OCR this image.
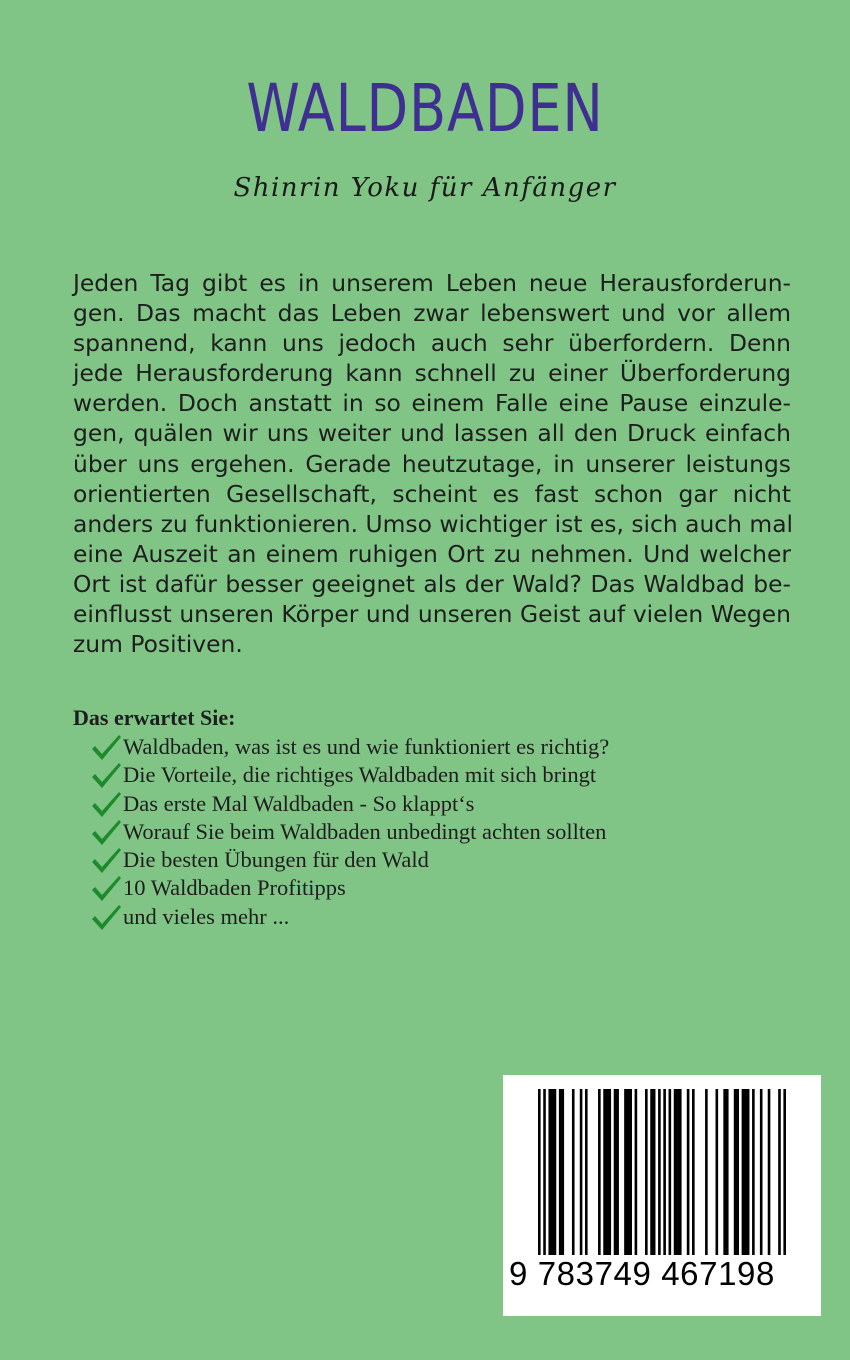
WALDBADEN
Shinrin Yoku für Anfänger
Jeden Tag gibt es in unserem Leben neue Herausforderun-
gen. Das macht das Leben zwar lebenswert und vor allem
spannend, kann uns jedoch auch sehr überfordern. Denn
jede Herausforderung kann schnell zu einer Überforderung
werden. Doch anstatt in so einem Falle eine Pause einzule-
gen, quälen wir uns weiter und lassen all den Druck einfach
über uns ergehen. Gerade heutzutage, in unserer leistungs
orientierten Gesellschaft, scheint es fast schon gar nicht
anders zu funktionieren. Umso wichtiger ist es, sich auch mal
eine Auszeit an einem ruhigen Ort zu nehmen. Und welcher
Ort ist dafür besser geeignet als der Wald? Das Waldbad be-
einflusst unseren Körper und unseren Geist auf vielen Wegen
zum Positiven.
Das erwartet Sie:
Waldbaden, was ist es und wie funktioniert es richtig?
Die Vorteile, die richtiges Waldbaden mit sich bringt
Das erste Mal Waldbaden - So klappt‘s
Worauf Sie beim Waldbaden unbedingt achten sollten
Die besten Übungen für den Wald
10 Waldbaden Profitipps
und vieles mehr ...
9 783749 467198
